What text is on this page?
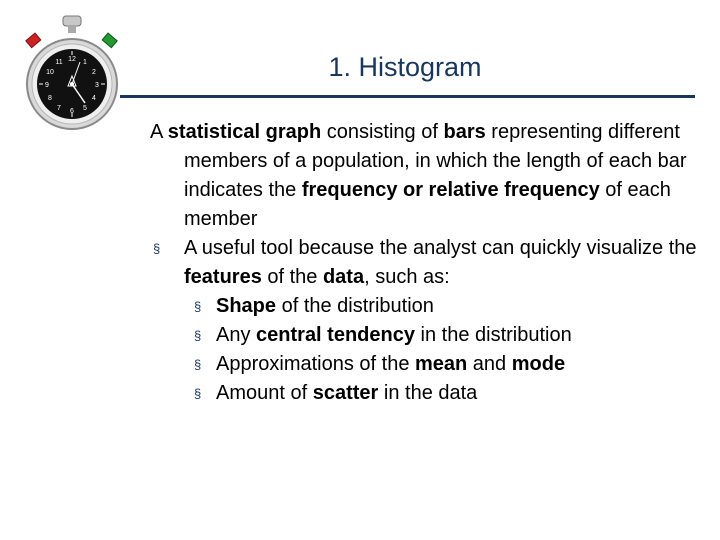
12 1
2
3
4
5
6
7
8
9
10
11	1. Histogram
A statistical graph consisting of bars representing different members of a population, in which the length of each bar indicates the frequency or relative frequency of each member
§ A useful tool because the analyst can quickly visualize the features of the data, such as:
§ Shape of the distribution
§ Any central tendency in the distribution
§ Approximations of the mean and mode
§ Amount of scatter in the data
